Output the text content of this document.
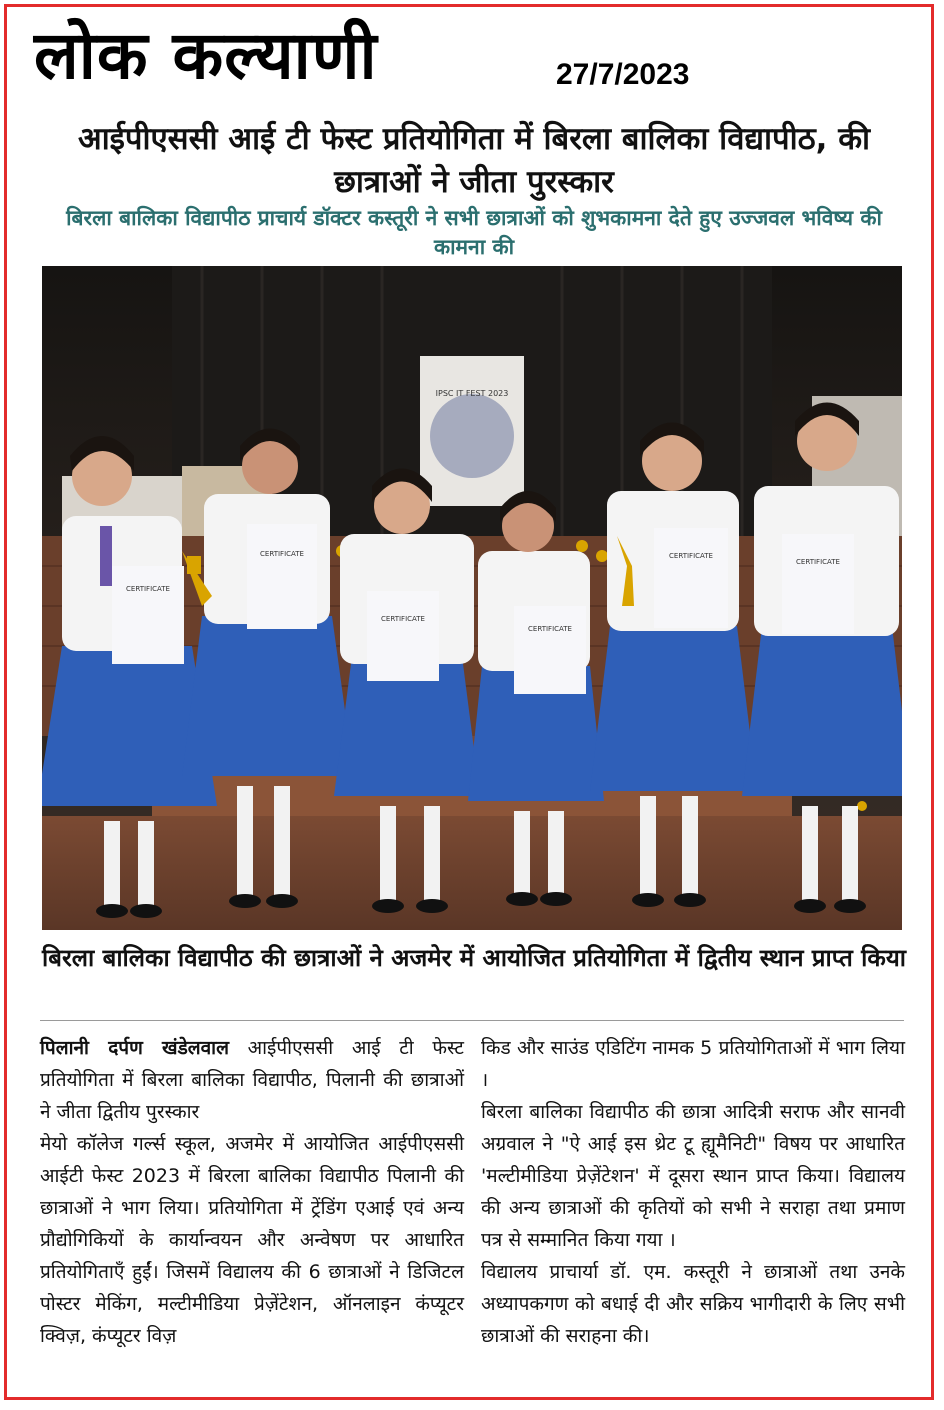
लोक कल्याणी	27/7/2023
आईपीएससी आई टी फेस्ट प्रतियोगिता में बिरला बालिका विद्यापीठ, की छात्राओं ने जीता पुरस्कार
बिरला बालिका विद्यापीठ प्राचार्य डॉक्टर कस्तूरी ने सभी छात्राओं को शुभकामना देते हुए उज्जवल भविष्य की कामना की
IPSC IT FEST 2023
CERTIFICATE
CERTIFICATE
CERTIFICATE
CERTIFICATE
CERTIFICATE
CERTIFICATE
बिरला बालिका विद्यापीठ की छात्राओं ने अजमेर में आयोजित प्रतियोगिता में द्वितीय स्थान प्राप्त किया

पिलानी दर्पण खंडेलवाल आईपीएससी आई टी फेस्ट प्रतियोगिता में बिरला बालिका विद्यापीठ, पिलानी की छात्राओं ने जीता द्वितीय पुरस्कार

मेयो कॉलेज गर्ल्स स्कूल, अजमेर में आयोजित आईपीएससी आईटी फेस्ट 2023 में बिरला बालिका विद्यापीठ पिलानी की छात्राओं ने भाग लिया। प्रतियोगिता में ट्रेंडिंग एआई एवं अन्य प्रौद्योगिकियों के कार्यान्वयन और अन्वेषण पर आधारित प्रतियोगिताएँ हुईं। जिसमें विद्यालय की 6 छात्राओं ने डिजिटल पोस्टर मेकिंग, मल्टीमीडिया प्रेज़ेंटेशन, ऑनलाइन कंप्यूटर क्विज़, कंप्यूटर विज़

किड और साउंड एडिटिंग नामक 5 प्रतियोगिताओं में भाग लिया ।

बिरला बालिका विद्यापीठ की छात्रा आदित्री सराफ और सानवी अग्रवाल ने "ऐ आई इस थ्रेट टू ह्यूमैनिटी" विषय पर आधारित 'मल्टीमीडिया प्रेज़ेंटेशन' में दूसरा स्थान प्राप्त किया। विद्यालय की अन्य छात्राओं की कृतियों को सभी ने सराहा तथा प्रमाण पत्र से सम्मानित किया गया ।

विद्यालय प्राचार्या डॉ. एम. कस्तूरी ने छात्राओं तथा उनके अध्यापकगण को बधाई दी और सक्रिय भागीदारी के लिए सभी छात्राओं की सराहना की।
